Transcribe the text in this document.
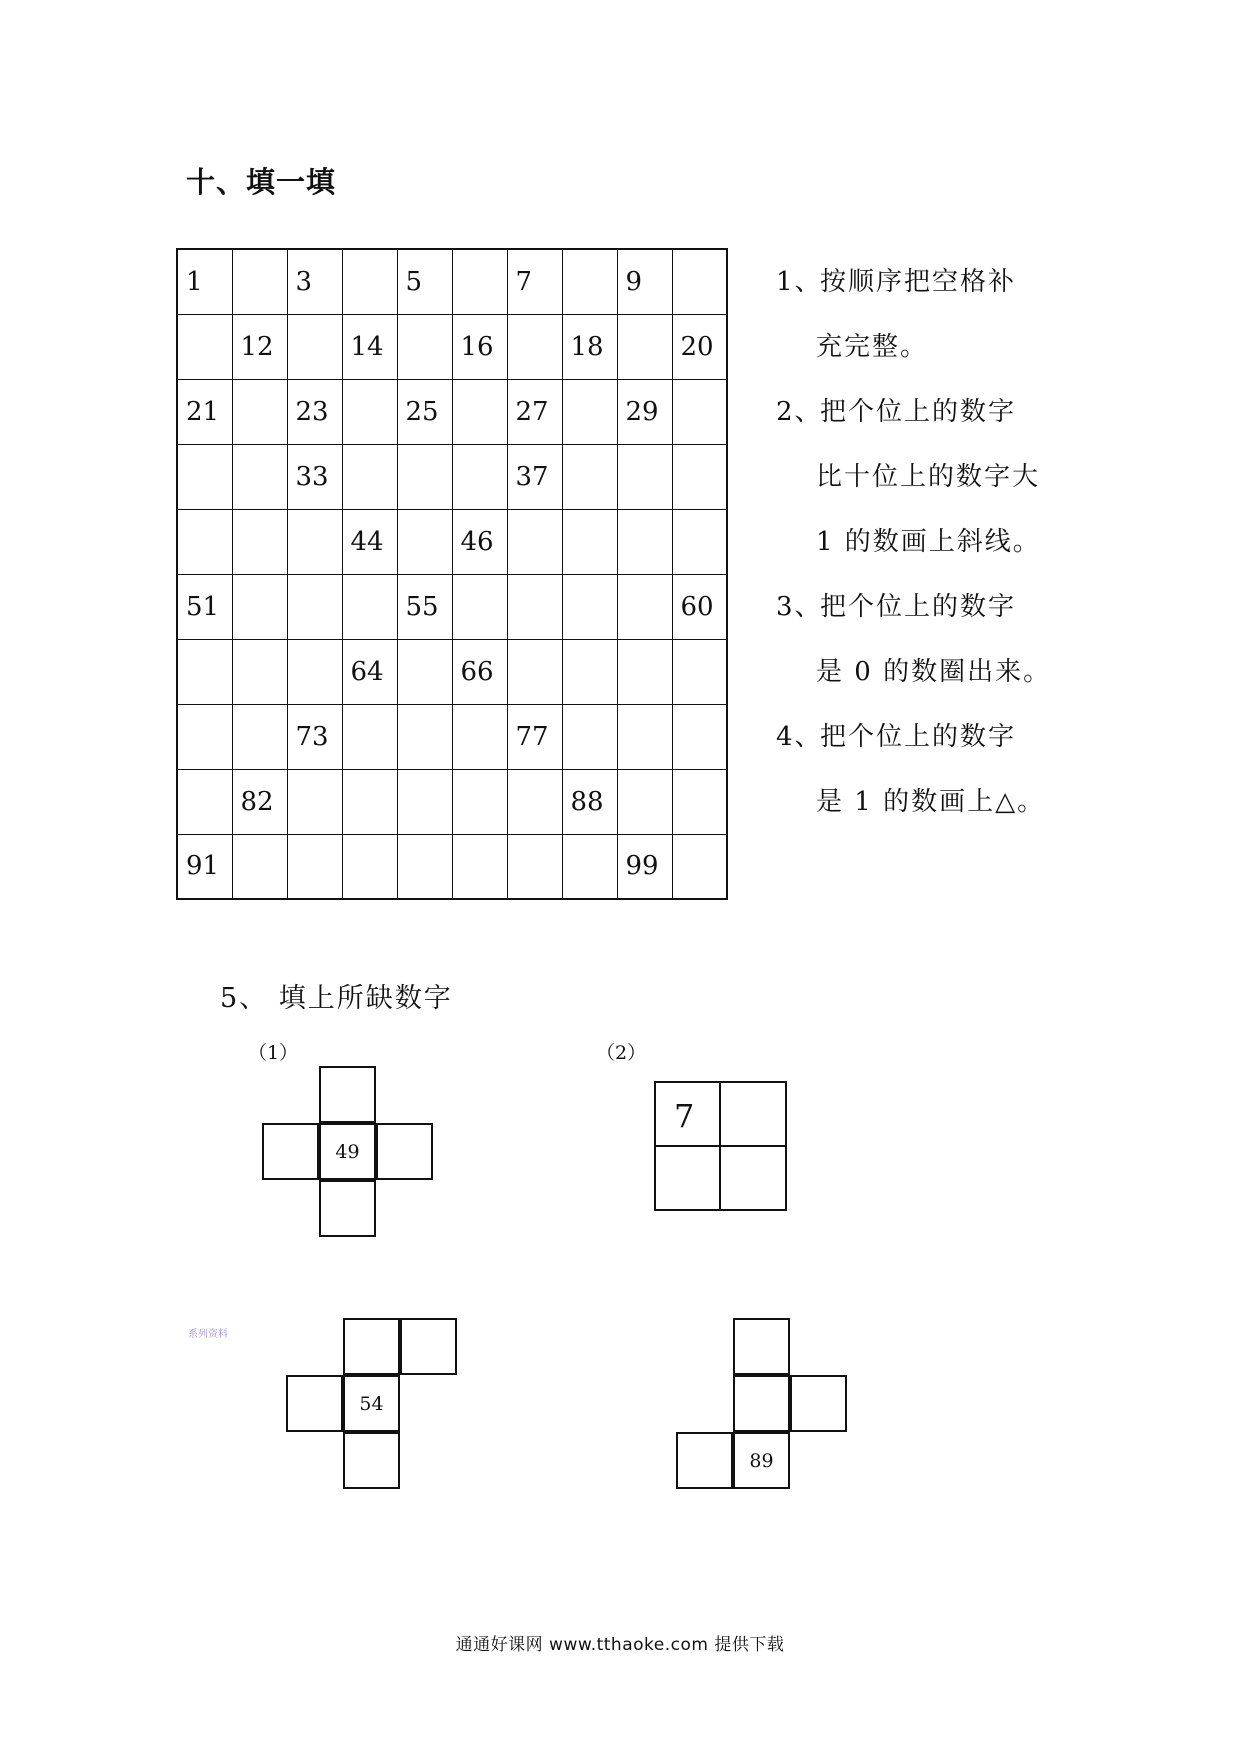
十、填一填
1		3		5		7		9	
	12		14		16		18		20
21		23		25		27		29	
		33				37			
			44		46				
51				55					60
			64		66				
		73				77			
	82						88		
91								99	
1、按顺序把空格补
充完整。
2、把个位上的数字
比十位上的数字大
1 的数画上斜线。
3、把个位上的数字
是 0 的数圈出来。
4、把个位上的数字
是 1 的数画上△。
5、 填上所缺数字
（1）	（2）
49
7
系列资料
54
89
通通好课网 www.tthaoke.com 提供下载
